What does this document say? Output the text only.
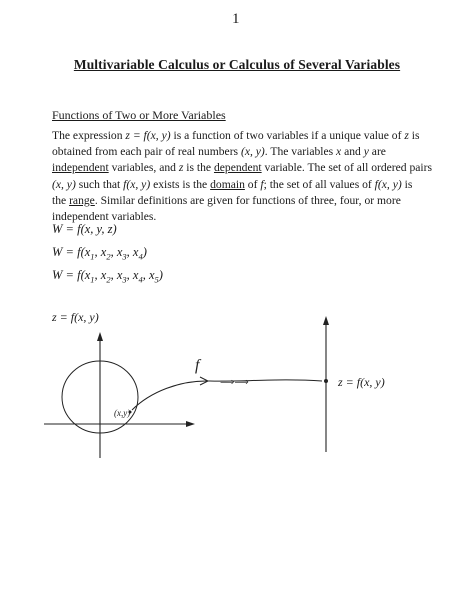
1
Multivariable Calculus or Calculus of Several Variables
Functions of Two or More Variables
The expression z = f(x, y) is a function of two variables if a unique value of z is
obtained from each pair of real numbers (x, y). The variables x and y are
independent variables, and z is the dependent variable. The set of all ordered pairs
(x, y) such that f(x, y) exists is the domain of f; the set of all values of f(x, y) is
the range. Similar definitions are given for functions of three, four, or more
independent variables.
W = f(x, y, z)
$W = f(x_1$, $x_2$, $x_3$, $x_4$)
$W = f(x_1$, $x_2$, $x_3$, $x_4$, $x_5$)
z = f(x, y)
z = f(x, y)
(x,y)
f
⟹⟹
